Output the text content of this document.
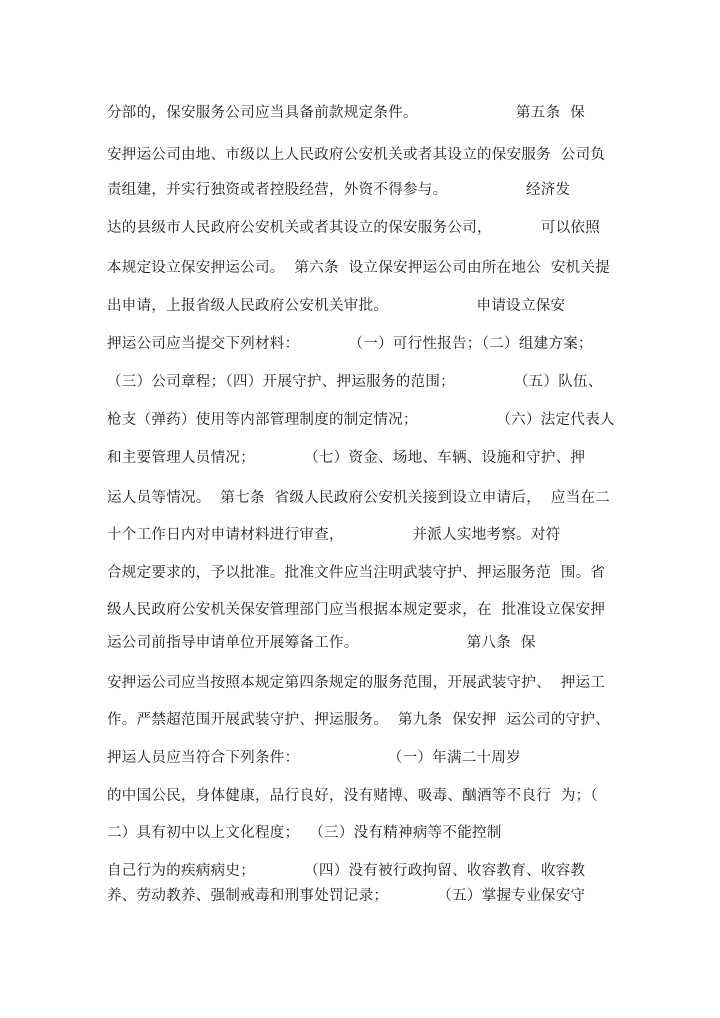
分部的，保安服务公司应当具备前款规定条件。                    第五条  保
安押运公司由地、市级以上人民政府公安机关或者其设立的保安服务  公司负
责组建，并实行独资或者控股经营，外资不得参与。                经济发
达的县级市人民政府公安机关或者其设立的保安服务公司，          可以依照
本规定设立保安押运公司。  第六条  设立保安押运公司由所在地公  安机关提
出申请，上报省级人民政府公安机关审批。                  申请设立保安
押运公司应当提交下列材料：          （一）可行性报告；（二）组建方案；
（三）公司章程；（四）开展守护、押运服务的范围；            （五）队伍、
枪支（弹药）使用等内部管理制度的制定情况；                （六）法定代表人
和主要管理人员情况；          （七）资金、场地、车辆、设施和守护、押
运人员等情况。  第七条  省级人民政府公安机关接到设立申请后，  应当在二
十个工作日内对申请材料进行审查，              并派人实地考察。对符
合规定要求的，予以批准。批准文件应当注明武装守护、押运服务范  围。省
级人民政府公安机关保安管理部门应当根据本规定要求，在  批准设立保安押
运公司前指导申请单位开展筹备工作。                      第八条  保
安押运公司应当按照本规定第四条规定的服务范围，开展武装守护、  押运工
作。严禁超范围开展武装守护、押运服务。  第九条  保安押  运公司的守护、
押运人员应当符合下列条件：                  （一）年满二十周岁
的中国公民，身体健康，品行良好，没有赌博、吸毒、酗酒等不良行  为；（
二）具有初中以上文化程度；  （三）没有精神病等不能控制
自己行为的疾病病史；          （四）没有被行政拘留、收容教育、收容教
养、劳动教养、强制戒毒和刑事处罚记录；          （五）掌握专业保安守
